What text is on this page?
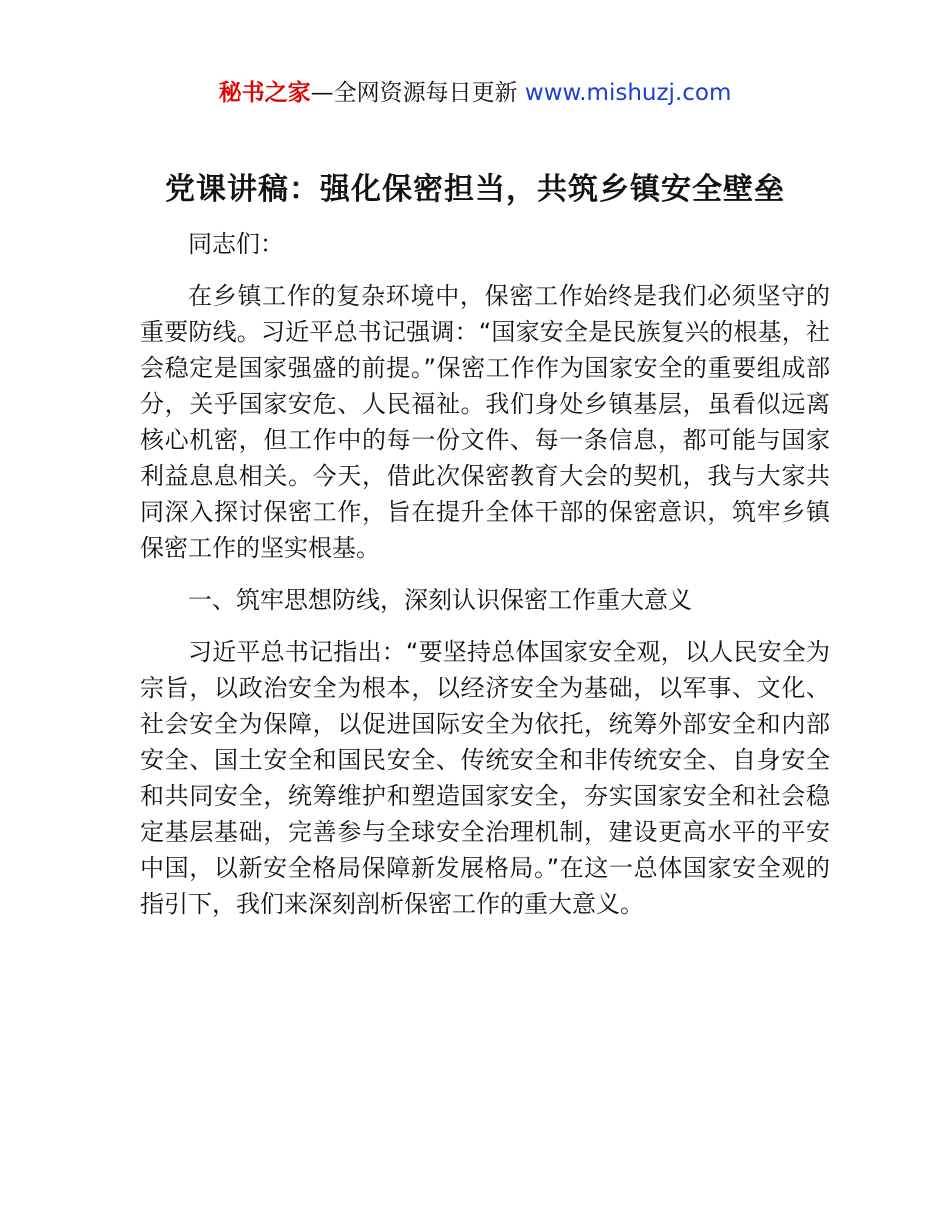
秘书之家—全网资源每日更新 www.mishuzj.com
党课讲稿：强化保密担当，共筑乡镇安全壁垒

同志们：

在乡镇工作的复杂环境中，保密工作始终是我们必须坚守的重要防线。习近平总书记强调：“国家安全是民族复兴的根基，社会稳定是国家强盛的前提。”保密工作作为国家安全的重要组成部分，关乎国家安危、人民福祉。我们身处乡镇基层，虽看似远离核心机密，但工作中的每一份文件、每一条信息，都可能与国家利益息息相关。今天，借此次保密教育大会的契机，我与大家共同深入探讨保密工作，旨在提升全体干部的保密意识，筑牢乡镇保密工作的坚实根基。

一、筑牢思想防线，深刻认识保密工作重大意义

习近平总书记指出：“要坚持总体国家安全观，以人民安全为宗旨，以政治安全为根本，以经济安全为基础，以军事、文化、社会安全为保障，以促进国际安全为依托，统筹外部安全和内部安全、国土安全和国民安全、传统安全和非传统安全、自身安全和共同安全，统筹维护和塑造国家安全，夯实国家安全和社会稳定基层基础，完善参与全球安全治理机制，建设更高水平的平安中国，以新安全格局保障新发展格局。”在这一总体国家安全观的指引下，我们来深刻剖析保密工作的重大意义。
